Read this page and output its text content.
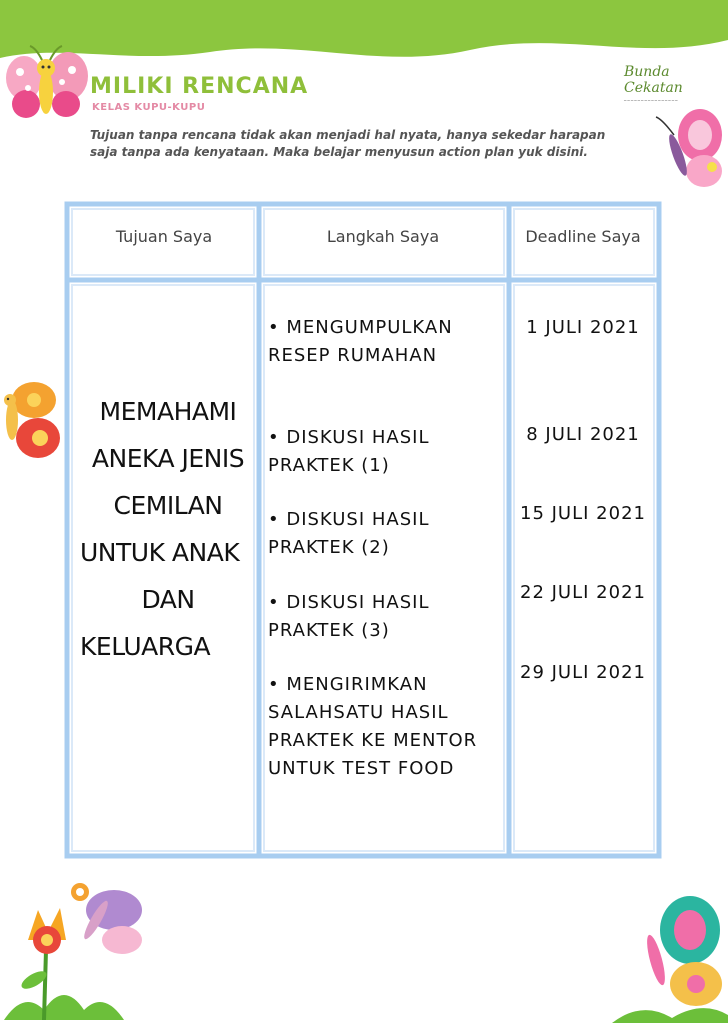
MILIKI RENCANA
KELAS KUPU-KUPU
Tujuan tanpa rencana tidak akan menjadi hal nyata, hanya sekedar harapan
saja tanpa ada kenyataan. Maka belajar menyusun action plan yuk disini.
Bunda Cekatan
━━━━━━━━━━━━━━━━
Tujuan Saya	Langkah Saya	Deadline Saya
MEMAHAMI
ANEKA JENIS
CEMILAN
UNTUK ANAK
DAN
KELUARGA
• MENGUMPULKAN
RESEP RUMAHAN
1 JULI 2021
• DISKUSI HASIL
PRAKTEK (1)
8 JULI 2021
• DISKUSI HASIL
PRAKTEK (2)
15 JULI 2021
• DISKUSI HASIL
PRAKTEK (3)
22 JULI 2021
• MENGIRIMKAN
SALAHSATU HASIL
PRAKTEK KE MENTOR
UNTUK TEST FOOD
29 JULI 2021
